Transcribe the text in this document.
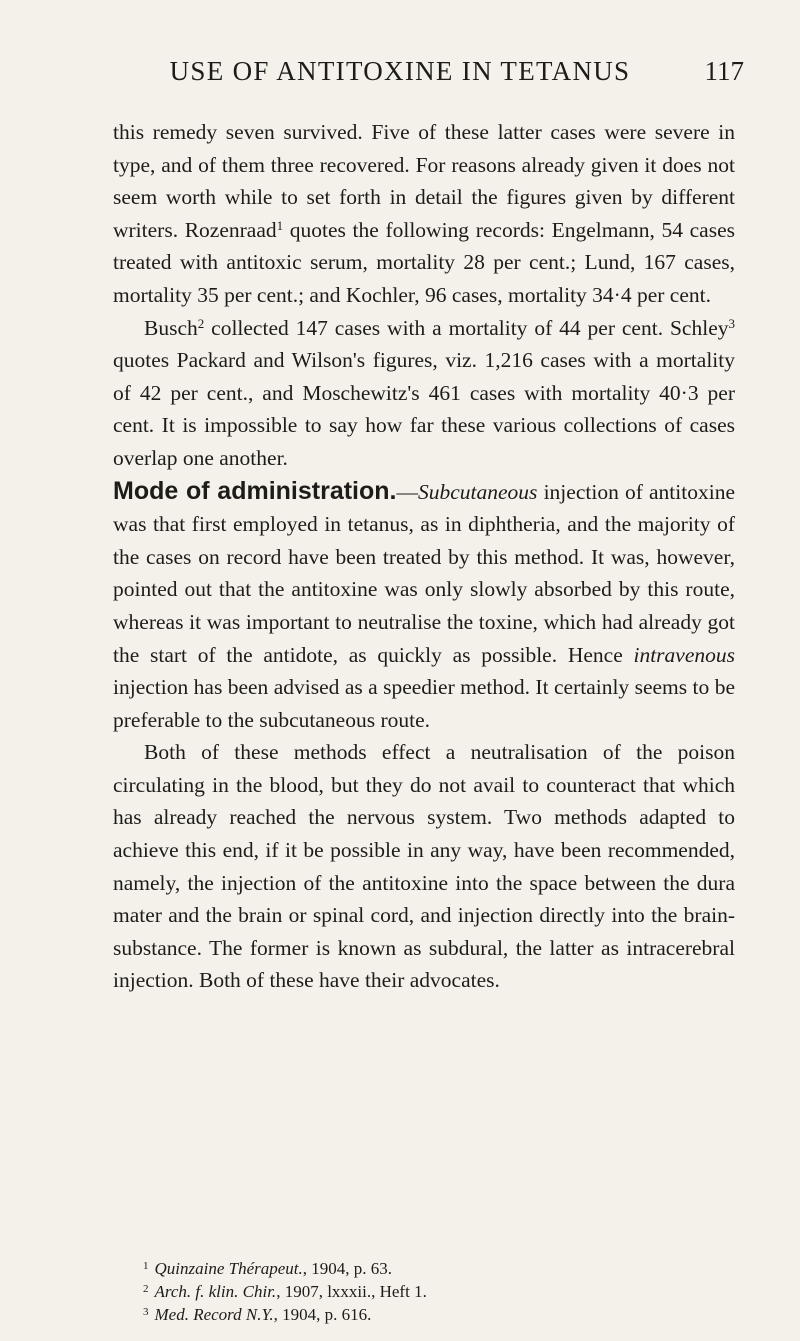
USE OF ANTITOXINE IN TETANUS	117

this remedy seven survived. Five of these latter cases were severe in type, and of them three recovered. For reasons already given it does not seem worth while to set forth in detail the figures given by different writers. Rozenraad$^1$ quotes the following records: Engelmann, 54 cases treated with antitoxic serum, mortality 28 per cent.; Lund, 167 cases, mortality 35 per cent.; and Kochler, 96 cases, mortality 34·4 per cent.

Busch$^2$ collected 147 cases with a mortality of 44 per cent. Schley$^3$ quotes Packard and Wilson's figures, viz. 1,216 cases with a mortality of 42 per cent., and Moschewitz's 461 cases with mortality 40·3 per cent. It is impossible to say how far these various collections of cases overlap one another.

Mode of administration.—Subcutaneous injection of antitoxine was that first employed in tetanus, as in diphtheria, and the majority of the cases on record have been treated by this method. It was, however, pointed out that the antitoxine was only slowly absorbed by this route, whereas it was important to neutralise the toxine, which had already got the start of the antidote, as quickly as possible. Hence intravenous injection has been advised as a speedier method. It certainly seems to be preferable to the subcutaneous route.

Both of these methods effect a neutralisation of the poison circulating in the blood, but they do not avail to counteract that which has already reached the nervous system. Two methods adapted to achieve this end, if it be possible in any way, have been recommended, namely, the injection of the antitoxine into the space between the dura mater and the brain or spinal cord, and injection directly into the brain-substance. The former is known as subdural, the latter as intracerebral injection. Both of these have their advocates.

$^1$ Quinzaine Thérapeut., 1904, p. 63.
$^2$ Arch. f. klin. Chir., 1907, lxxxii., Heft 1.
$^3$ Med. Record N.Y., 1904, p. 616.
